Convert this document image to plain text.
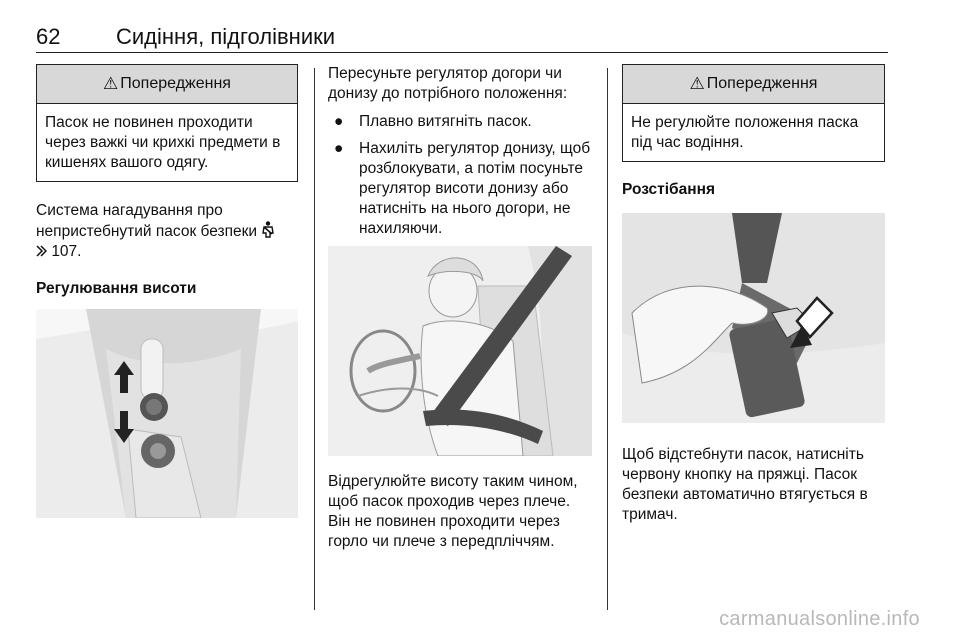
62	Сидіння, підголівники
⚠ Попередження
Пасок не повинен проходити через важкі чи крихкі предмети в кишенях вашого одягу.

Система нагадування про непристебнутий пасок безпеки
107.

Регулювання висоти

Пересуньте регулятор догори чи донизу до потрібного положення:

● Плавно витягніть пасок.
● Нахиліть регулятор донизу, щоб розблокувати, а потім посуньте регулятор висоти донизу або натисніть на нього догори, не нахиляючи.

Відрегулюйте висоту таким чином, щоб пасок проходив через плече. Він не повинен проходити через горло чи плече з передпліччям.

⚠ Попередження
Не регулюйте положення паска під час водіння.

Розстібання

Щоб відстебнути пасок, натисніть червону кнопку на пряжці. Пасок безпеки автоматично втягується в тримач.

carmanualsonline.info
